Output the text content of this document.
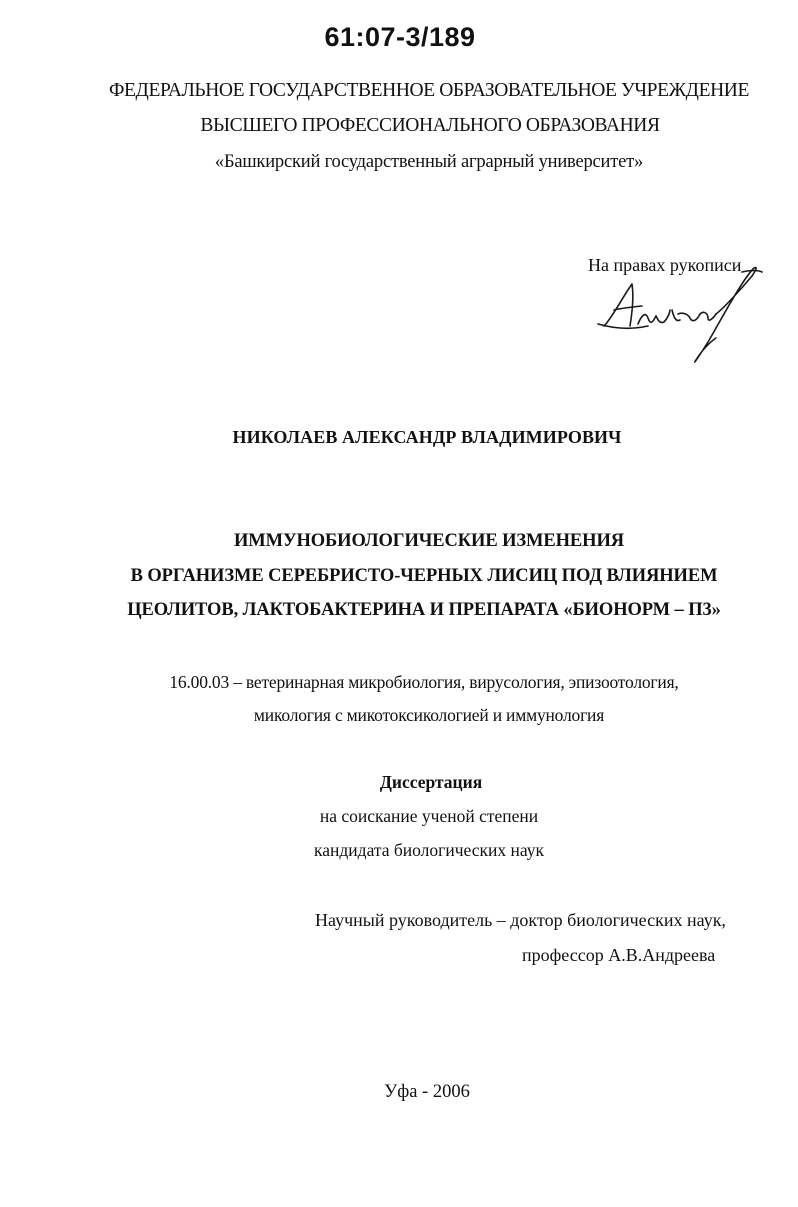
61:07-3/189
ФЕДЕРАЛЬНОЕ ГОСУДАРСТВЕННОЕ ОБРАЗОВАТЕЛЬНОЕ УЧРЕЖДЕНИЕ
ВЫСШЕГО ПРОФЕССИОНАЛЬНОГО ОБРАЗОВАНИЯ
«Башкирский государственный аграрный университет»
На правах рукописи
НИКОЛАЕВ АЛЕКСАНДР ВЛАДИМИРОВИЧ
ИММУНОБИОЛОГИЧЕСКИЕ ИЗМЕНЕНИЯ
В ОРГАНИЗМЕ СЕРЕБРИСТО-ЧЕРНЫХ ЛИСИЦ ПОД ВЛИЯНИЕМ
ЦЕОЛИТОВ, ЛАКТОБАКТЕРИНА И ПРЕПАРАТА «БИОНОРМ – П3»
16.00.03 – ветеринарная микробиология, вирусология, эпизоотология,
микология с микотоксикологией и иммунология
Диссертация
на соискание ученой степени
кандидата биологических наук
Научный руководитель – доктор биологических наук,
профессор А.В.Андреева
Уфа - 2006
